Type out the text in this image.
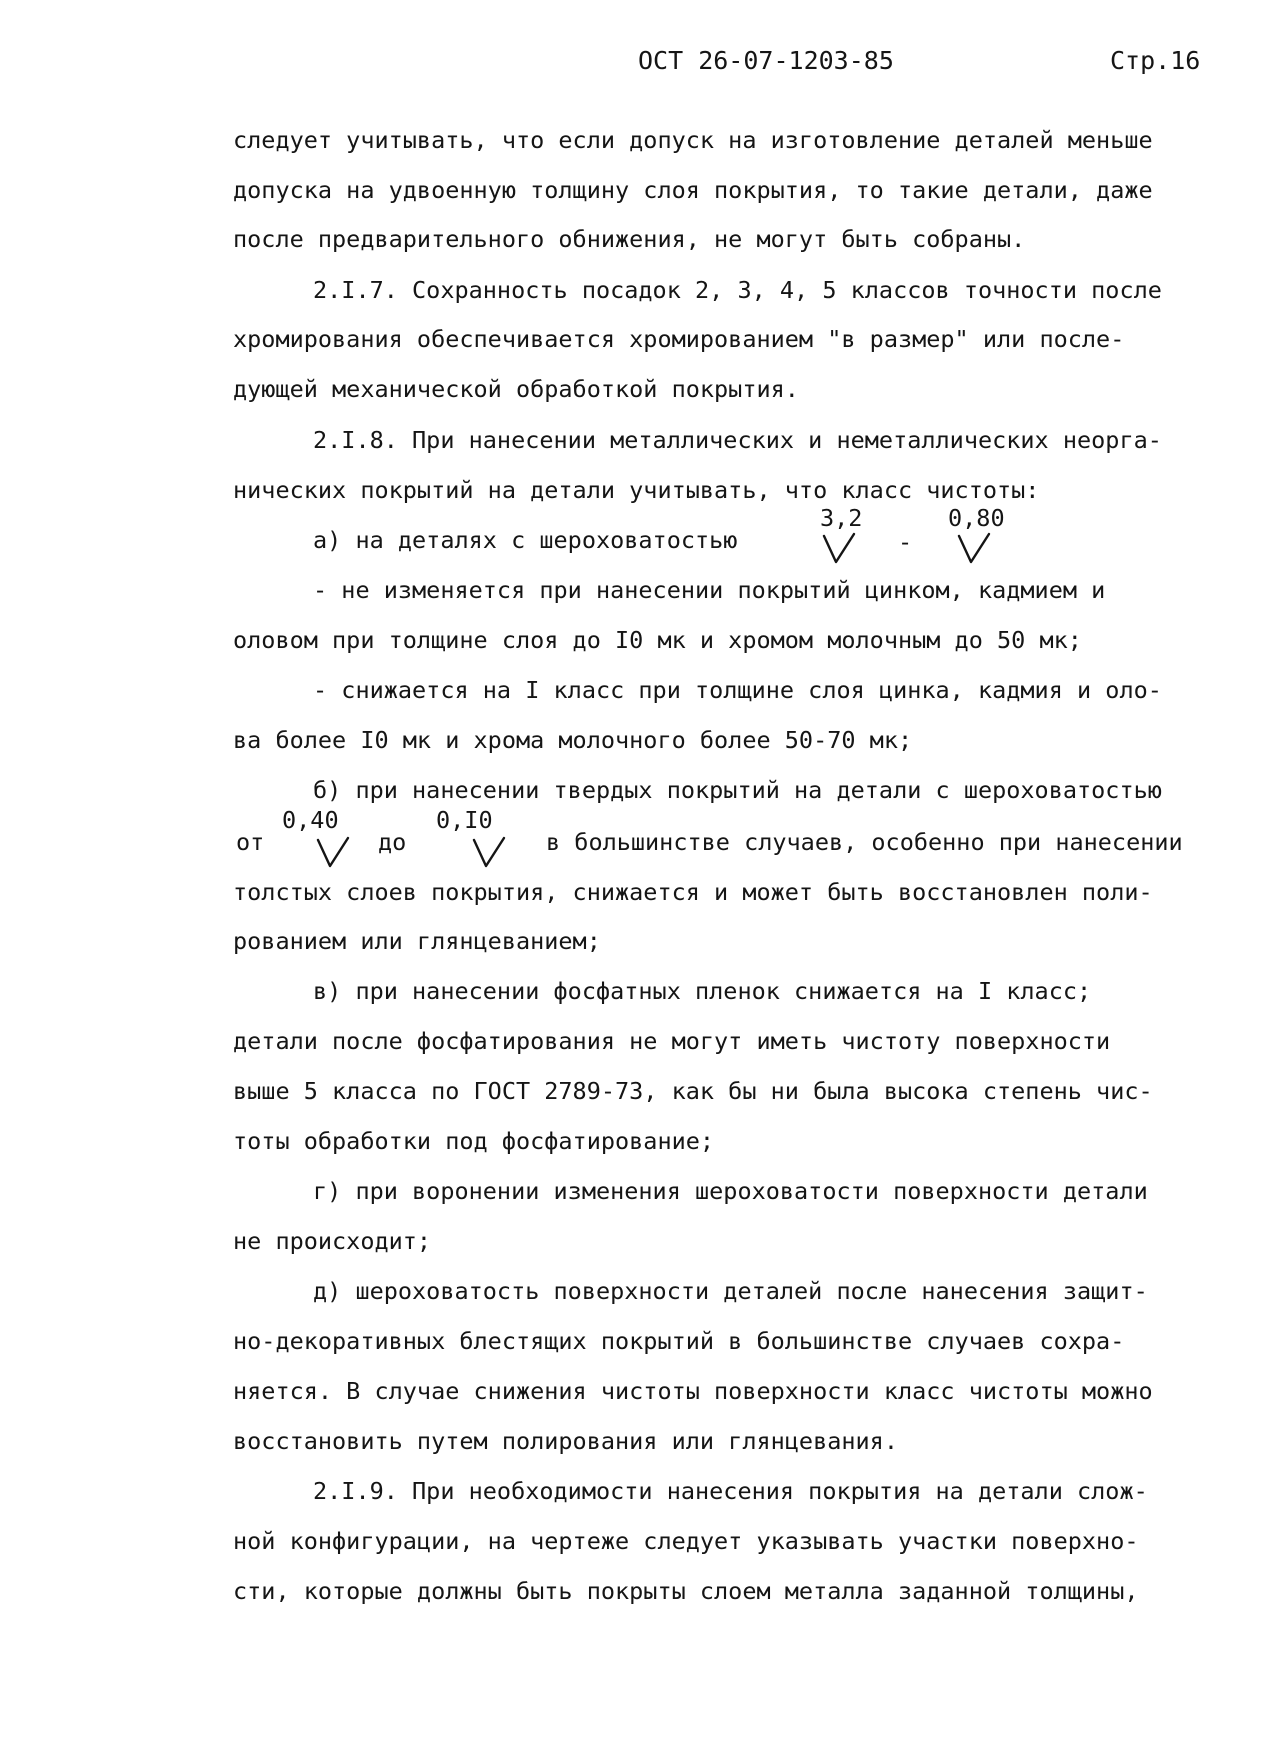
ОСТ 26-07-1203-85	Стр.16
следует учитывать, что если допуск на изготовление деталей меньше
допуска на удвоенную толщину слоя покрытия, то такие детали, даже
после предварительного обнижения, не могут быть собраны.
2.I.7. Сохранность посадок 2, 3, 4, 5 классов точности после
хромирования обеспечивается хромированием "в размер" или после-
дующей механической обработкой покрытия.
2.I.8. При нанесении металлических и неметаллических неорга-
нических покрытий на детали учитывать, что класс чистоты:
а) на деталях с шероховатостью
3,2
-
0,80
- не изменяется при нанесении покрытий цинком, кадмием и
оловом при толщине слоя до I0 мк и хромом молочным до 50 мк;
- снижается на I класс при толщине слоя цинка, кадмия и оло-
ва более I0 мк и хрома молочного более 50-70 мк;
б) при нанесении твердых покрытий на детали с шероховатостью
от
0,40
до
0,I0
в большинстве случаев, особенно при нанесении
толстых слоев покрытия, снижается и может быть восстановлен поли-
рованием или глянцеванием;
в) при нанесении фосфатных пленок снижается на I класс;
детали после фосфатирования не могут иметь чистоту поверхности
выше 5 класса по ГОСТ 2789-73, как бы ни была высока степень чис-
тоты обработки под фосфатирование;
г) при воронении изменения шероховатости поверхности детали
не происходит;
д) шероховатость поверхности деталей после нанесения защит-
но-декоративных блестящих покрытий в большинстве случаев сохра-
няется. В случае снижения чистоты поверхности класс чистоты можно
восстановить путем полирования или глянцевания.
2.I.9. При необходимости нанесения покрытия на детали слож-
ной конфигурации, на чертеже следует указывать участки поверхно-
сти, которые должны быть покрыты слоем металла заданной толщины,
